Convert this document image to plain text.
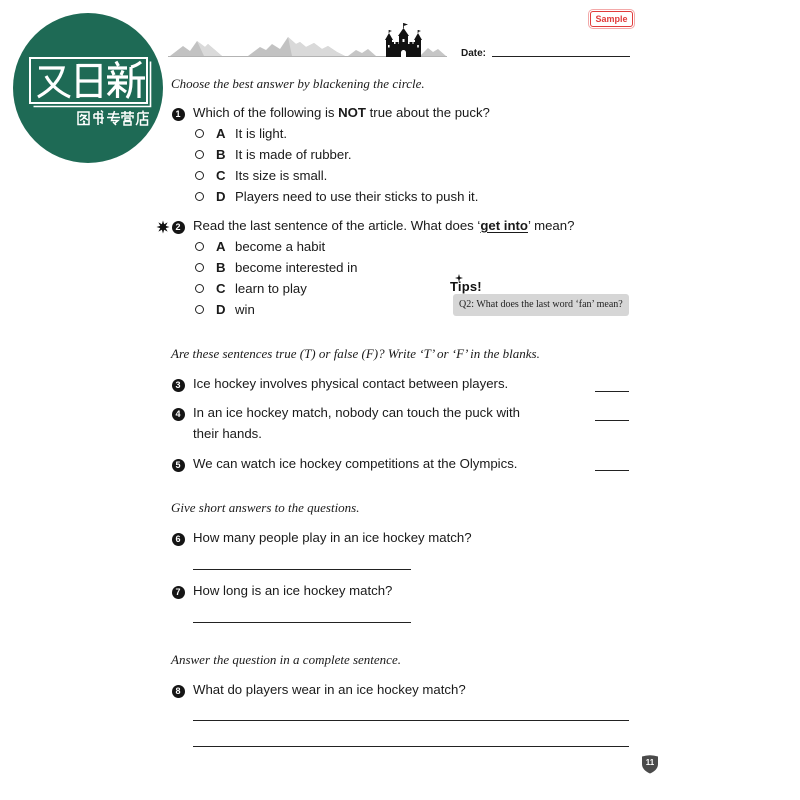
Date:
Sample
Choose the best answer by blackening the circle.
1 Which of the following is NOT true about the puck?
A It is light.
B It is made of rubber.
C Its size is small.
D Players need to use their sticks to push it.
2 Read the last sentence of the article. What does ‘get into’ mean?
A become a habit
B become interested in
C learn to play
D win
Tips!
Q2: What does the last word ‘fan’ mean?
Are these sentences true (T) or false (F)? Write ‘T’ or ‘F’ in the blanks.
3 Ice hockey involves physical contact between players.
4 In an ice hockey match, nobody can touch the puck with
their hands.
5 We can watch ice hockey competitions at the Olympics.
Give short answers to the questions.
6 How many people play in an ice hockey match?
7 How long is an ice hockey match?
Answer the question in a complete sentence.
8 What do players wear in an ice hockey match?
11
